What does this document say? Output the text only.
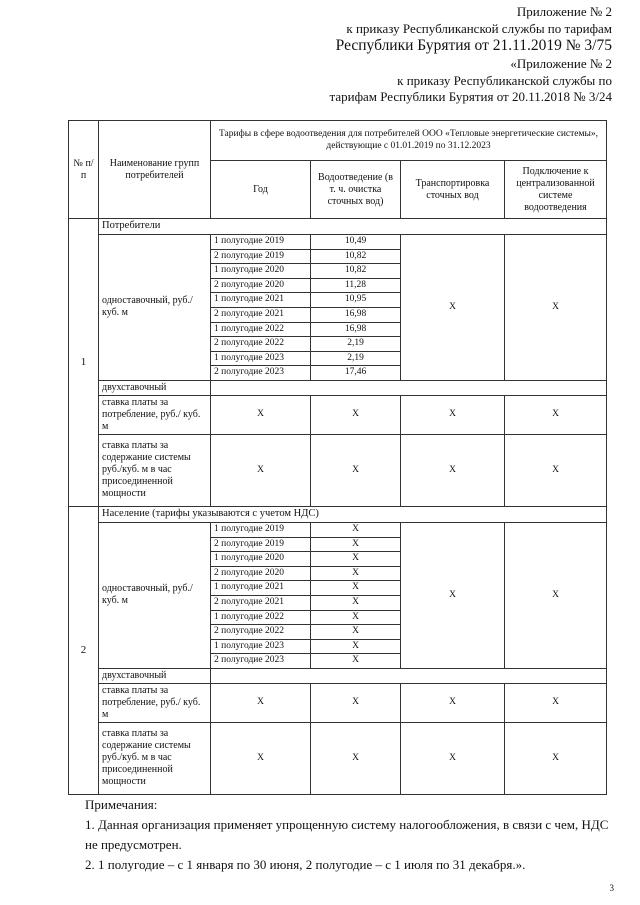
Приложение № 2
к приказу Республиканской службы по тарифам
Республики Бурятия от 21.11.2019 № 3/75
«Приложение № 2
к приказу Республиканской службы по
тарифам Республики Бурятия от 20.11.2018 № 3/24
№ п/п	Наименование групп потребителей	Тарифы в сфере водоотведения для потребителей ООО «Тепловые энергетические системы», действующие с 01.01.2019 по 31.12.2023			
		Год	Водоотведение (в т. ч. очистка сточных вод)	Транспортировка сточных вод	Подключение к централизованной системе водоотведения
1	Потребители				
	одноставочный, руб./ куб. м	1 полугодие 2019	10,49	X	X
		2 полугодие 2019	10,82		
		1 полугодие 2020	10,82		
		2 полугодие 2020	11,28		
		1 полугодие 2021	10,95		
		2 полугодие 2021	16,98		
		1 полугодие 2022	16,98		
		2 полугодие 2022	2,19		
		1 полугодие 2023	2,19		
		2 полугодие 2023	17,46		
	двухставочный				
	ставка платы за потребление, руб./ куб. м	X	X	X	X
	ставка платы за содержание системы руб./куб. м в час присоединенной мощности	X	X	X	X
2	Население (тарифы указываются с учетом НДС)				
	одноставочный, руб./ куб. м	1 полугодие 2019	X	X	X
		2 полугодие 2019	X		
		1 полугодие 2020	X		
		2 полугодие 2020	X		
		1 полугодие 2021	X		
		2 полугодие 2021	X		
		1 полугодие 2022	X		
		2 полугодие 2022	X		
		1 полугодие 2023	X		
		2 полугодие 2023	X		
	двухставочный				
	ставка платы за потребление, руб./ куб. м	X	X	X	X
	ставка платы за содержание системы руб./куб. м в час присоединенной мощности	X	X	X	X
Примечания:
1. Данная организация применяет упрощенную систему налогообложения, в связи с чем, НДС не предусмотрен.
2. 1 полугодие – с 1 января по 30 июня, 2 полугодие – с 1 июля по 31 декабря.».
3
